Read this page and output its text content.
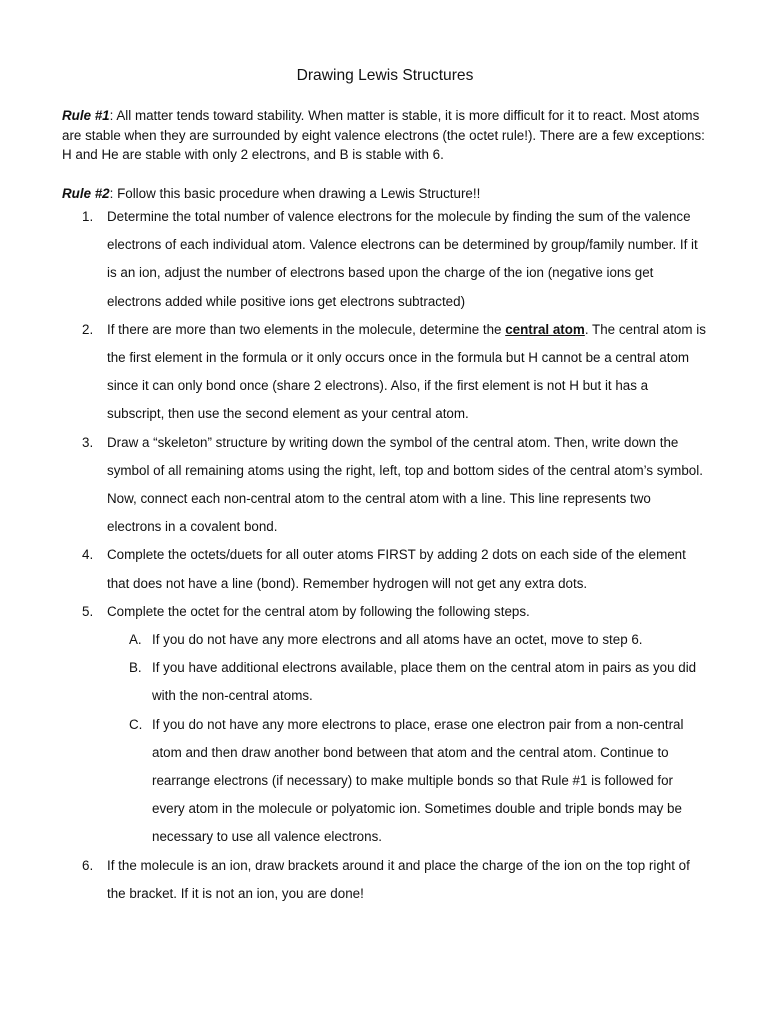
Drawing Lewis Structures

Rule #1: All matter tends toward stability. When matter is stable, it is more difficult for it to react. Most atoms are stable when they are surrounded by eight valence electrons (the octet rule!). There are a few exceptions: H and He are stable with only 2 electrons, and B is stable with 6.

Rule #2: Follow this basic procedure when drawing a Lewis Structure!!

1. Determine the total number of valence electrons for the molecule by finding the sum of the valence electrons of each individual atom. Valence electrons can be determined by group/family number. If it is an ion, adjust the number of electrons based upon the charge of the ion (negative ions get electrons added while positive ions get electrons subtracted)
2. If there are more than two elements in the molecule, determine the central atom. The central atom is the first element in the formula or it only occurs once in the formula but H cannot be a central atom since it can only bond once (share 2 electrons). Also, if the first element is not H but it has a subscript, then use the second element as your central atom.
3. Draw a “skeleton” structure by writing down the symbol of the central atom. Then, write down the symbol of all remaining atoms using the right, left, top and bottom sides of the central atom’s symbol. Now, connect each non-central atom to the central atom with a line. This line represents two electrons in a covalent bond.
4. Complete the octets/duets for all outer atoms FIRST by adding 2 dots on each side of the element that does not have a line (bond). Remember hydrogen will not get any extra dots.
5. Complete the octet for the central atom by following the following steps.
A. If you do not have any more electrons and all atoms have an octet, move to step 6.
B. If you have additional electrons available, place them on the central atom in pairs as you did with the non-central atoms.
C. If you do not have any more electrons to place, erase one electron pair from a non-central atom and then draw another bond between that atom and the central atom. Continue to rearrange electrons (if necessary) to make multiple bonds so that Rule #1 is followed for every atom in the molecule or polyatomic ion. Sometimes double and triple bonds may be necessary to use all valence electrons.
6. If the molecule is an ion, draw brackets around it and place the charge of the ion on the top right of the bracket. If it is not an ion, you are done!
